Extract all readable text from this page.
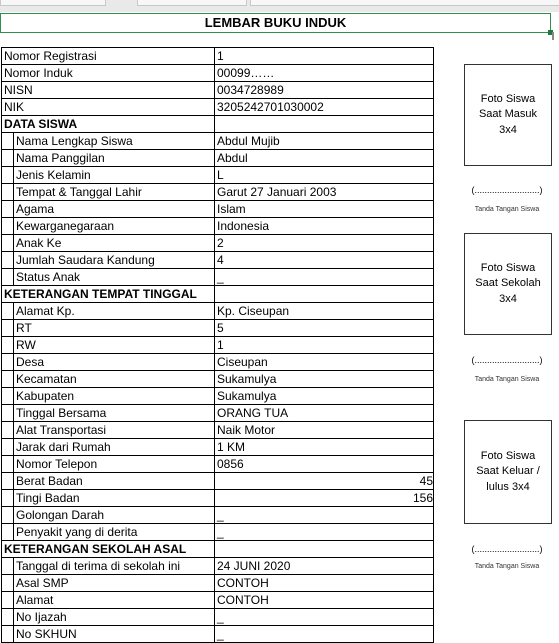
LEMBAR BUKU INDUK
Nomor Registrasi		1
Nomor Induk		00099……
NISN		0034728989
NIK		3205242701030002
DATA SISWA		
	Nama Lengkap Siswa	Abdul Mujib
	Nama Panggilan	Abdul
	Jenis Kelamin	L
	Tempat & Tanggal Lahir	Garut 27 Januari 2003
	Agama	Islam
	Kewarganegaraan	Indonesia
	Anak Ke	2
	Jumlah Saudara Kandung	4
	Status Anak	_
KETERANGAN TEMPAT TINGGAL		
	Alamat Kp.	Kp. Ciseupan
	RT	5
	RW	1
	Desa	Ciseupan
	Kecamatan	Sukamulya
	Kabupaten	Sukamulya
	Tinggal Bersama	ORANG TUA
	Alat Transportasi	Naik Motor
	Jarak dari Rumah	1 KM
	Nomor Telepon	0856
	Berat Badan	45
	Tingi Badan	156
	Golongan Darah	_
	Penyakit yang di derita	_
KETERANGAN SEKOLAH ASAL		
	Tanggal di terima di sekolah ini	24 JUNI 2020
	Asal SMP	CONTOH
	Alamat	CONTOH
	No Ijazah	_
	No SKHUN	_
Foto Siswa
Saat Masuk
3x4
(..........................)
Tanda Tangan Siswa
Foto Siswa
Saat Sekolah
3x4
(..........................)
Tanda Tangan Siswa
Foto Siswa
Saat Keluar /
lulus 3x4
(..........................)
Tanda Tangan Siswa
